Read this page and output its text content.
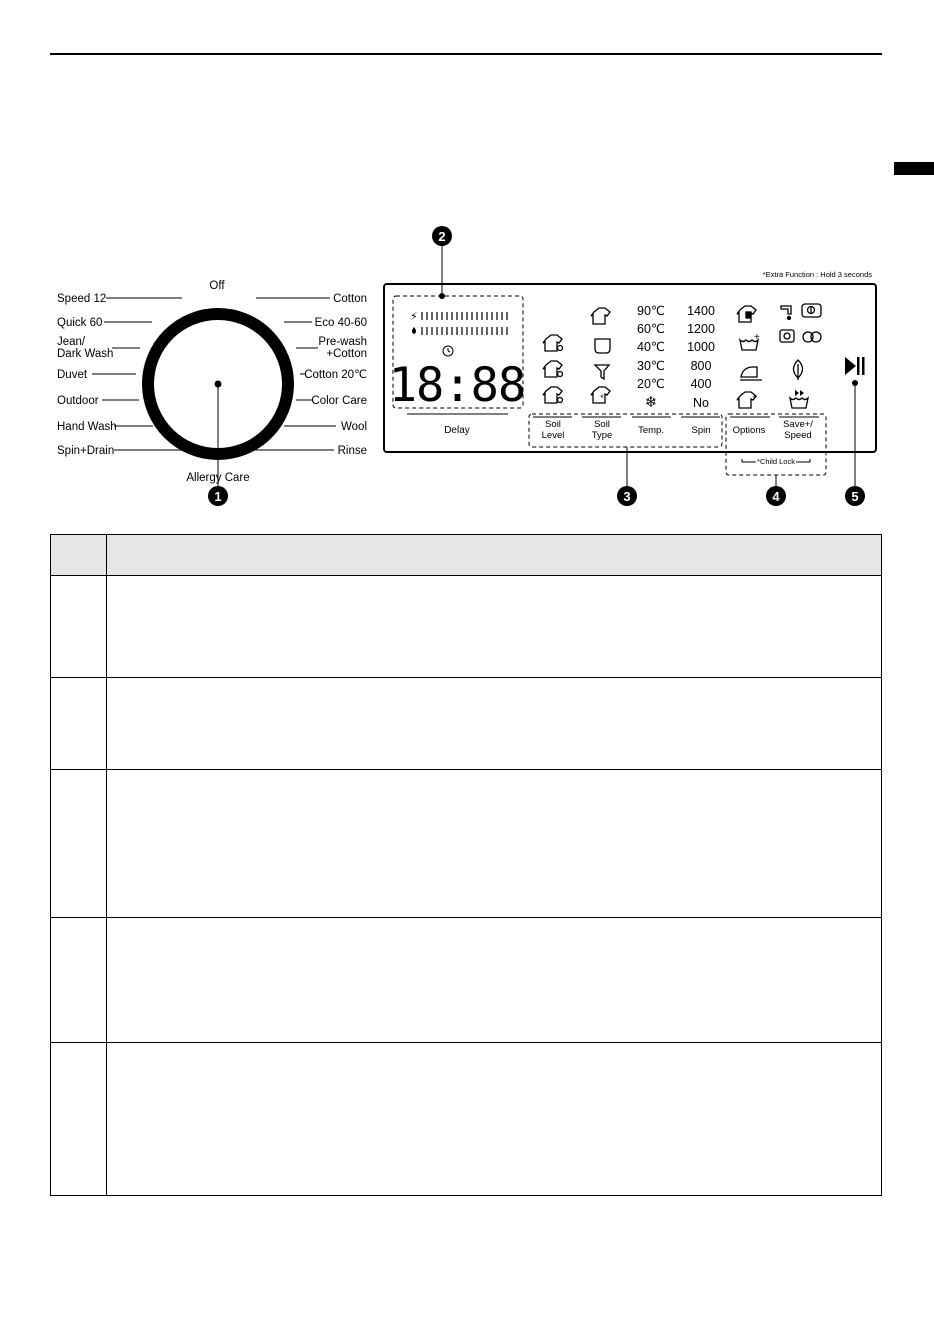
2
Off
Speed 12
Quick 60
Jean/
Dark Wash
Duvet
Outdoor
Hand Wash
Spin+Drain
Cotton
Eco 40-60
Pre-wash
+Cotton
Cotton 20℃
Color Care
Wool
Rinse
Allergy Care
1
*Extra Function : Hold 3 seconds
⚡
18:88
Delay
*
90℃
60℃
40℃
30℃
20℃
❄
1400
1200
1000
800
400
No
+
+
5
Soil
Level
Soil
Type	Temp.	Spin
3
Options
Save+/
Speed
*Child Lock
4
